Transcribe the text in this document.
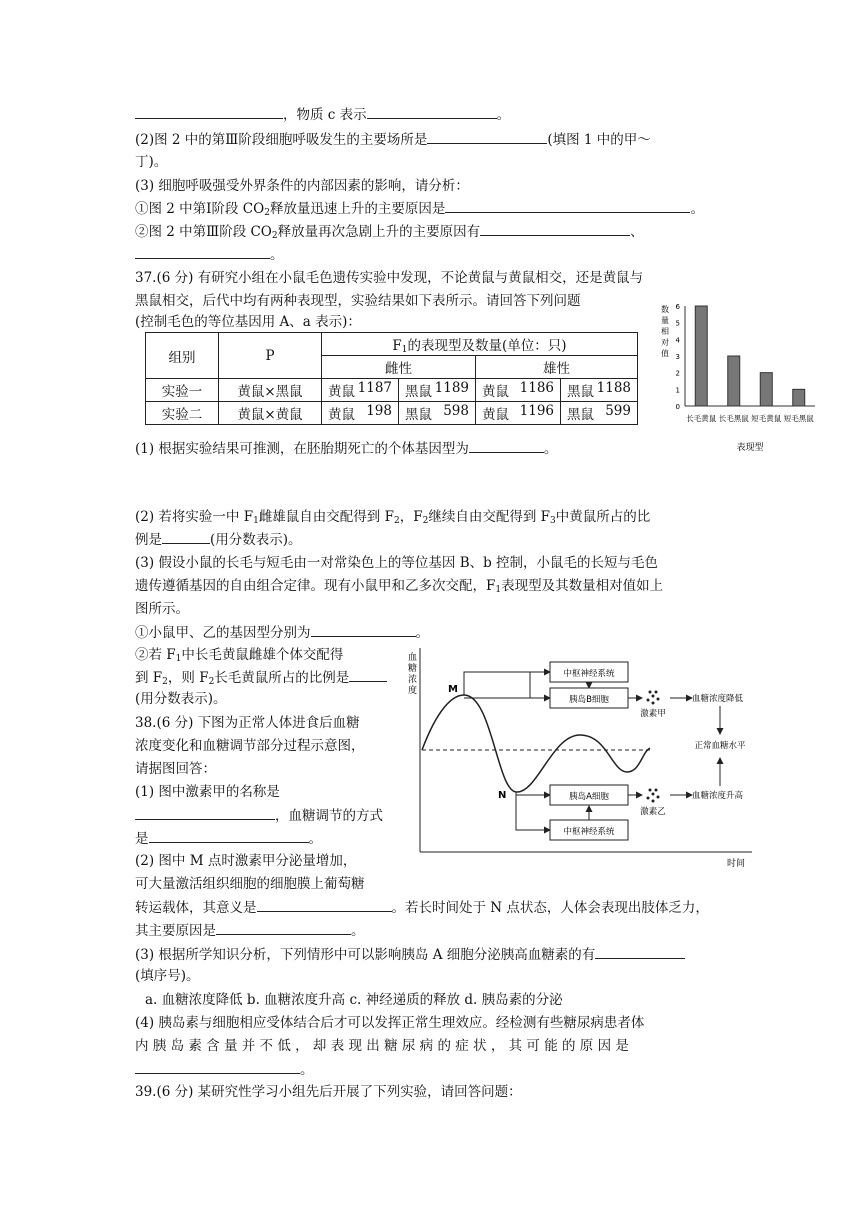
，物质 c 表示	。
(2)图 2 中的第Ⅲ阶段细胞呼吸发生的主要场所是	(填图 1 中的甲～
丁)。
(3) 细胞呼吸强受外界条件的内部因素的影响，请分析：
①图 2 中第Ⅰ阶段 $CO_2$释放量迅速上升的主要原因是	。
②图 2 中第Ⅲ阶段 $CO_2$释放量再次急剧上升的主要原因有	、
。
37.(6 分) 有研究小组在小鼠毛色遗传实验中发现，不论黄鼠与黄鼠相交，还是黄鼠与
黑鼠相交，后代中均有两种表现型，实验结果如下表所示。请回答下列问题
(控制毛色的等位基因用 A、a 表示)：
组别	P	$F_1$的表现型及数量(单位：只)			
		雌性		雄性	
实验一	黄鼠×黑鼠	黄鼠 1187	黑鼠 1189	黄鼠 1186	黑鼠 1188

实验二	黄鼠×黄鼠	黄鼠 198	黑鼠 598	黄鼠 1196	黑鼠 599
数
量
相
对
值
0
1
2
3
4
5
6
长毛黄鼠 长毛黑鼠 短毛黄鼠 短毛黑鼠
表现型
(1) 根据实验结果可推测，在胚胎期死亡的个体基因型为	。
(2) 若将实验一中 $F_1$雌雄鼠自由交配得到 $F_2$，$F_2$继续自由交配得到 $F_3$中黄鼠所占的比
例是	(用分数表示)。
(3) 假设小鼠的长毛与短毛由一对常染色上的等位基因 B、b 控制，小鼠毛的长短与毛色
遗传遵循基因的自由组合定律。现有小鼠甲和乙多次交配，$F_1$表现型及其数量相对值如上
图所示。
①小鼠甲、乙的基因型分别为	。
②若 $F_1$中长毛黄鼠雌雄个体交配得
到 $F_2$，则 $F_2$长毛黄鼠所占的比例是
(用分数表示)。
38.(6 分) 下图为正常人体进食后血糖
浓度变化和血糖调节部分过程示意图，
请据图回答：
(1) 图中激素甲的名称是
，血糖调节的方式
是	。
(2) 图中 M 点时激素甲分泌量增加，
可大量激活组织细胞的细胞膜上葡萄糖
转运载体，其意义是	。若长时间处于 N 点状态，人体会表现出肢体乏力，
其主要原因是	。
(3) 根据所学知识分析，下列情形中可以影响胰岛 A 细胞分泌胰高血糖素的有
(填序号)。
a. 血糖浓度降低 b. 血糖浓度升高 c. 神经递质的释放 d. 胰岛素的分泌
(4) 胰岛素与细胞相应受体结合后才可以发挥正常生理效应。经检测有些糖尿病患者体
内 胰 岛 素 含 量 并 不 低 ， 却 表 现 出 糖 尿 病 的 症 状 ， 其 可 能 的 原 因 是
。
39.(6 分) 某研究性学习小组先后开展了下列实验，请回答问题：
血糖浓度
时间
M
N
中枢神经系统
胰岛B细胞
激素甲
血糖浓度降低
正常血糖水平
胰岛A细胞
中枢神经系统
激素乙
血糖浓度升高
